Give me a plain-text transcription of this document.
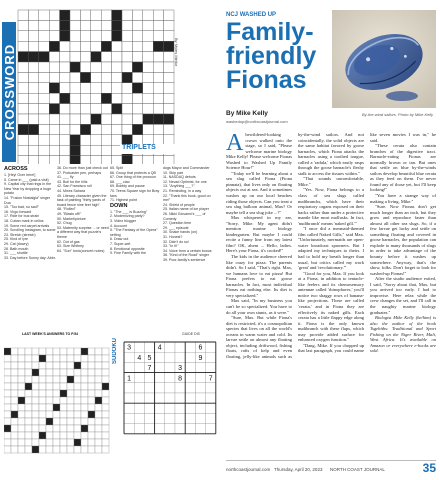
CROSSWORD	By Myles Mellor
TRIPLETS
ACROSS
1. [Hey! Over here!]
5. Came in ___ (paid a visit)
9. Capital city that rings in the New Year by dropping a huge potato
14. "Fusion Nostalgia" singer Dua
15. "Too bad, so sad!"
16. Virgo forward
17. Ride for bus strain
18. Cuban mark in cellos
19. Some red carpet arrivals
20. Scrolling Instagram, to some
23. Stretch (stretch)
25. Kind of lyre
29. Cat (dowry)
28. Bath mouth
31. ___ shuttle
33. Day before Sunny day: Abbr.
36. Do more than just check out
37. Podcaster pen, perhaps
41. ___ fly
43. Boil for the hills
42. San Francisco roll
44. Mixes Sahara
45. Literary character given the task of painting "thirty yards of board fence nine feet high"
48. "Rolled"
49. "Blasts off!"
50. Market/picture
52. Chug
53. Maternity surprise ... or need a different way that puzzle's theme
62. Out of gas
63. Size Whitney
64. "Sun" tonic(concert notes)
65. Split
66. Group that protects a QB
67. One thing of the pronoun
68. ___ ciao
69. Bobbly and pause
70. Teens Square sign for Bray fans
71. Highest point
DOWN
1. "The ___ is Buzzing"
2. Modernizing party?
3. Video blogger
4. Account
5. "The Fantasy of the Opera" setting
6. Draw out
7. Super-wet
8. Emotional opposite
9. Fine Family with the
dogs Mayor and Commander
10. Skip part
11. NASDAQ debuts
12. Nevad Optimist, for one
13. "Anything ___?"
21. Reminding, in a way
22. "Thank this book, good on me!"
24. Shield of people
25. Italian name of ice player
26. Nikki Giovanni's ___ of Comedy
27. Question time
29. ___ episode
30. Snake hands (on)
31. Honest?
32. Didn't do so!
33. "In It!"
34. Voice from a certain bonus
38. "Kind of the Road" singer
39. Poor-family's sentence
LAST WEEK'S ANSWERS TO P.54
SUDOKU
GUIDE DIS
3	4	6
4 5	9
7	3
1	8	7
NCJ WASHED UP
Family-
friendly
Fionas
By-the-wind sailors. Photo by Mike Kelly
By Mike Kelly
washedup@northcoastjournal.com

Abewildered-looking crown walked onto the stage, so I said, "Please welcome marine biology Mike Kelly! Please welcome Fionas Washed to Washed Up Family Science Hour!"

"Today we'll be learning about a sea slug called Fiona (Fiona pinnata), that lives only on floating objects out at sea. And it sometimes washes up on our local beaches riding those objects. Can you treat a sea slug balloon animal, Max? Or maybe tell a sea slug joke ...?"

Max whispered in my ear, "Sorry, Mike. My agent didn't mention marine biology kindergarten. But maybe I could recite a funny line from my latest film? OK, ahem ... Hello, ladies. Here's your Fiona, it's cooked!"

The kids in the audience cheered like crazy for pizza. The parents didn't. So I said, "That's right. Max, we humans love to eat pizza! But Fiona prefers to eat goose barnacles. In fact, most individual Fionas eat nothing else. Its diet is very specialized."

Max said, "In my business you can't be so specialized. You have to do all your own stunts, as it were."

"Sure, Max. But while Fiona's diet is restricted, it's a cosmopolitan species that lives on all the world's oceans in warm water and cold. Its larvae settle on almost any floating object, including driftwood, fishing floats, rafts of kelp and even floating, jelly-like animals such as by-the-wind sailors. And not coincidentally, the solid objects are the same habitat favored by goose barnacles, which Fiona attacks the barnacles using a toothed tongue, called a 'radula,' which easily rasps through the goose barnacle's fleshy stalk to access the tissues within."

"That sounds uncomfortable, Mike."

"Yes. Now, Fiona belongs to a class of sea slugs called nudibranchs, which have their respiratory organs exposed on their backs rather than under a protective mantle like most mollusks. In fact, 'nudibranch' means 'naked gill.'"

"I once did a mermaid-themed film called Naked Gills," said Max. "Unfortunately, mermaids are open-water broadcast spawners. But I adapted my techniques to theirs. I had to hold my breath longer than usual, but critics called my work 'great' and 'revolutionary.'"

"Good for you, Max. If you look at a Fiona, in addition to tentacle-like feelers and its chemosensory antennae called 'rhinophores,' you'll notice two shaggy rows of banana-like projections. These are called 'cerata,' and in Fiona they are effectively its naked gills. Each cerata has a little flappy edge along it. Fiona is the only known nudibranch with these flaps, which may provide added surface for enhanced oxygen function."

"Dang, Mike. If you chopped up that last paragraph, you could name like seven movies I was in," he said.

"These cerata also contain branches of the digestive tract. Barnacle-eating Fionas are normally brown or tan. But ones that settle on blue by-the-winds sailors develop beautiful blue cerata as they feed on them. I've never found any of those yet, but I'll keep looking!"

"You have a strange way of making a living, Mike."

"Sure. Now Fionas don't get much longer than an inch, but they grow and reproduce faster than almost all other sea slugs. So, if a few larvae get lucky and settle on something floating and covered in goose barnacles, the population can explode to many thousands of slugs in order to take advantage of the bounty before it washes up somewhere. Anyway, that's the show, folks. Don't forget to look for washed-up Fionas!"

After the studio audience exited, I said, "Sorry about that, Max, but you arrived too early. I had to improvise. Here relax while the crew changes the set, and I'll call in the naughty marine biology graduates."

Biologist Mike Kelly (he/him) is also the author of the book Tsgebiths: Traditional and Sport Fishing on the Niger River, Mali, West Africa. It's available on Amazon or everywhere e-books are sold.

northcoastjournal.com Thursday, April 20, 2023 NORTH COAST JOURNAL	35
